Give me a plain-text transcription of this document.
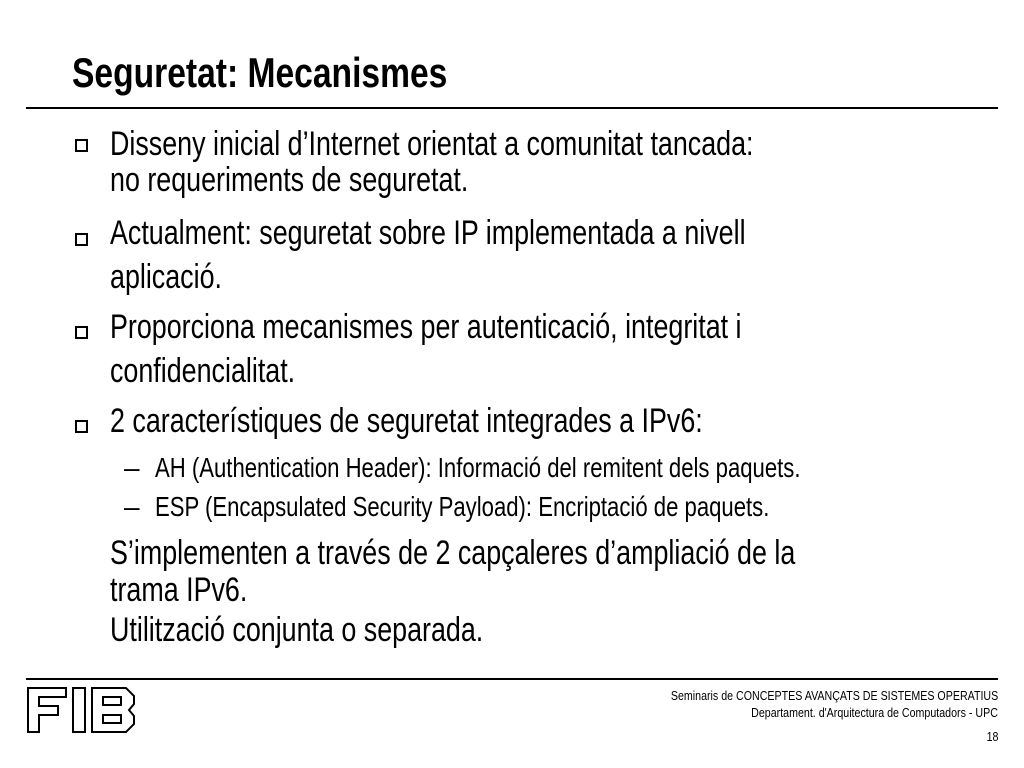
Seguretat: Mecanismes
Disseny inicial d’Internet orientat a comunitat tancada:
no requeriments de seguretat.
Actualment: seguretat sobre IP implementada a nivell
aplicació.
Proporciona mecanismes per autenticació, integritat i
confidencialitat.
2 característiques de seguretat integrades a IPv6:
– AH (Authentication Header): Informació del remitent dels paquets.
– ESP (Encapsulated Security Payload): Encriptació de paquets.
S’implementen a través de 2 capçaleres d’ampliació de la
trama IPv6.
Utilització conjunta o separada.
Seminaris de CONCEPTES AVANÇATS DE SISTEMES OPERATIUS
Departament. d'Arquitectura de Computadors - UPC
18
